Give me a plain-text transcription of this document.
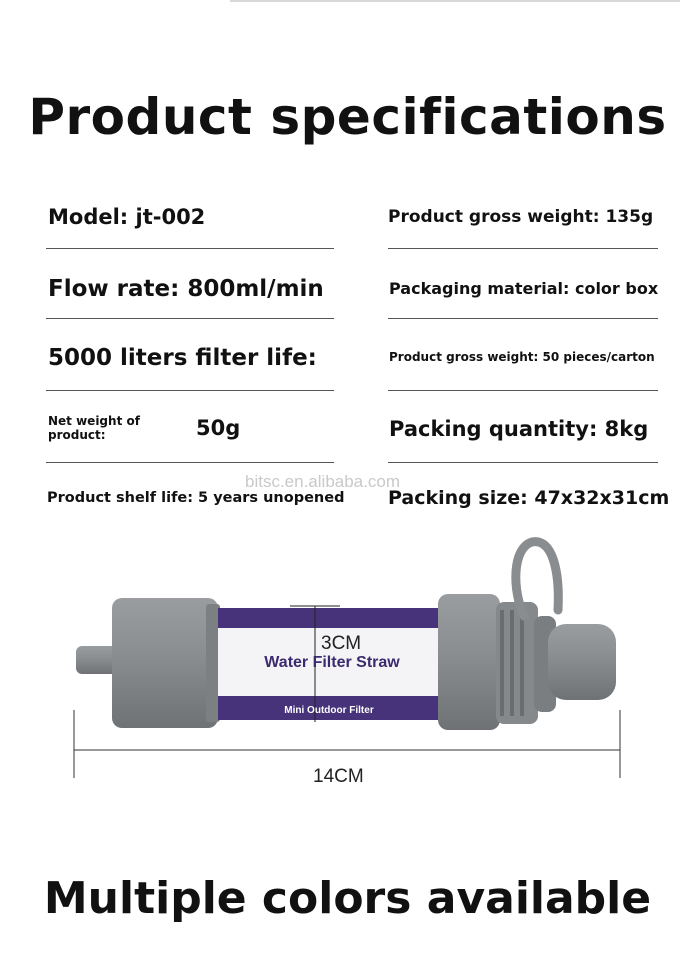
Product specifications
Model: jt-002
Flow rate: 800ml/min
5000 liters filter life:
Net weight of
product:	50g
Product shelf life: 5 years unopened
Product gross weight: 135g
Packaging material: color box
Product gross weight: 50 pieces/carton
Packing quantity: 8kg
Packing size: 47x32x31cm
bitsc.en.alibaba.com
Water Filter Straw
Mini Outdoor Filter
3CM
14CM
Multiple colors available
